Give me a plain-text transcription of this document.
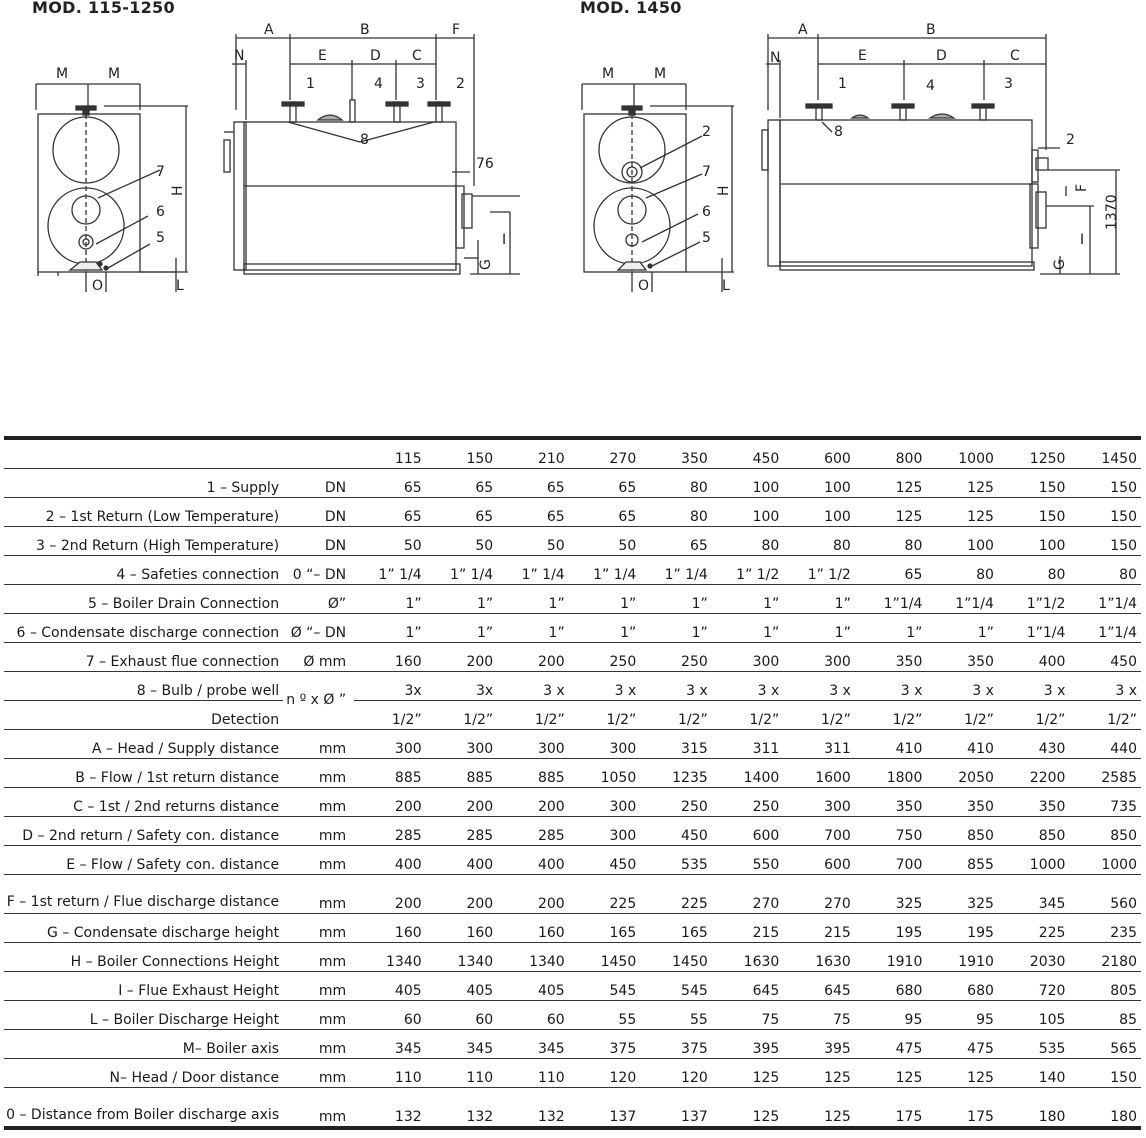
MOD. 115-1250	MOD. 1450
M	M
H
O	L
7
6
5
A	B	F
N	E	D C
1	4 3 2
8
76
I
G
M	M
H
O	L
2
7
6
5
A	B
N	E	D	C
1	4	3
2
8
F
I
1370
G
		115	150	210	270	350	450	600	800	1000	1250	1450
1 – Supply	DN	65	65	65	65	80	100	100	125	125	150	150
2 – 1st Return (Low Temperature)	DN	65	65	65	65	80	100	100	125	125	150	150
3 – 2nd Return (High Temperature)	DN	50	50	50	50	65	80	80	80	100	100	150
4 – Safeties connection	0 “– DN	1” 1/4	1” 1/4	1” 1/4	1” 1/4	1” 1/4	1” 1/2	1” 1/2	65	80	80	80
5 – Boiler Drain Connection	Ø”	1”	1”	1”	1”	1”	1”	1”	1”1/4	1”1/4	1”1/2	1”1/4
6 – Condensate discharge connection	Ø “– DN	1”	1”	1”	1”	1”	1”	1”	1”	1”	1”1/4	1”1/4
7 – Exhaust flue connection	Ø mm	160	200	200	250	250	300	300	350	350	400	450
8 – Bulb / probe well	n º x Ø ”	3x	3x	3 x	3 x	3 x	3 x	3 x	3 x	3 x	3 x	3 x
Detection		1/2”	1/2”	1/2”	1/2”	1/2”	1/2”	1/2”	1/2”	1/2”	1/2”	1/2”
A – Head / Supply distance	mm	300	300	300	300	315	311	311	410	410	430	440
B – Flow / 1st return distance	mm	885	885	885	1050	1235	1400	1600	1800	2050	2200	2585
C – 1st / 2nd returns distance	mm	200	200	200	300	250	250	300	350	350	350	735
D – 2nd return / Safety con. distance	mm	285	285	285	300	450	600	700	750	850	850	850
E – Flow / Safety con. distance	mm	400	400	400	450	535	550	600	700	855	1000	1000
F – 1st return / Flue discharge distance	mm	200	200	200	225	225	270	270	325	325	345	560
G – Condensate discharge height	mm	160	160	160	165	165	215	215	195	195	225	235
H – Boiler Connections Height	mm	1340	1340	1340	1450	1450	1630	1630	1910	1910	2030	2180
I – Flue Exhaust Height	mm	405	405	405	545	545	645	645	680	680	720	805
L – Boiler Discharge Height	mm	60	60	60	55	55	75	75	95	95	105	85
M– Boiler axis	mm	345	345	345	375	375	395	395	475	475	535	565
N– Head / Door distance	mm	110	110	110	120	120	125	125	125	125	140	150
0 – Distance from Boiler discharge axis	mm	132	132	132	137	137	125	125	175	175	180	180
